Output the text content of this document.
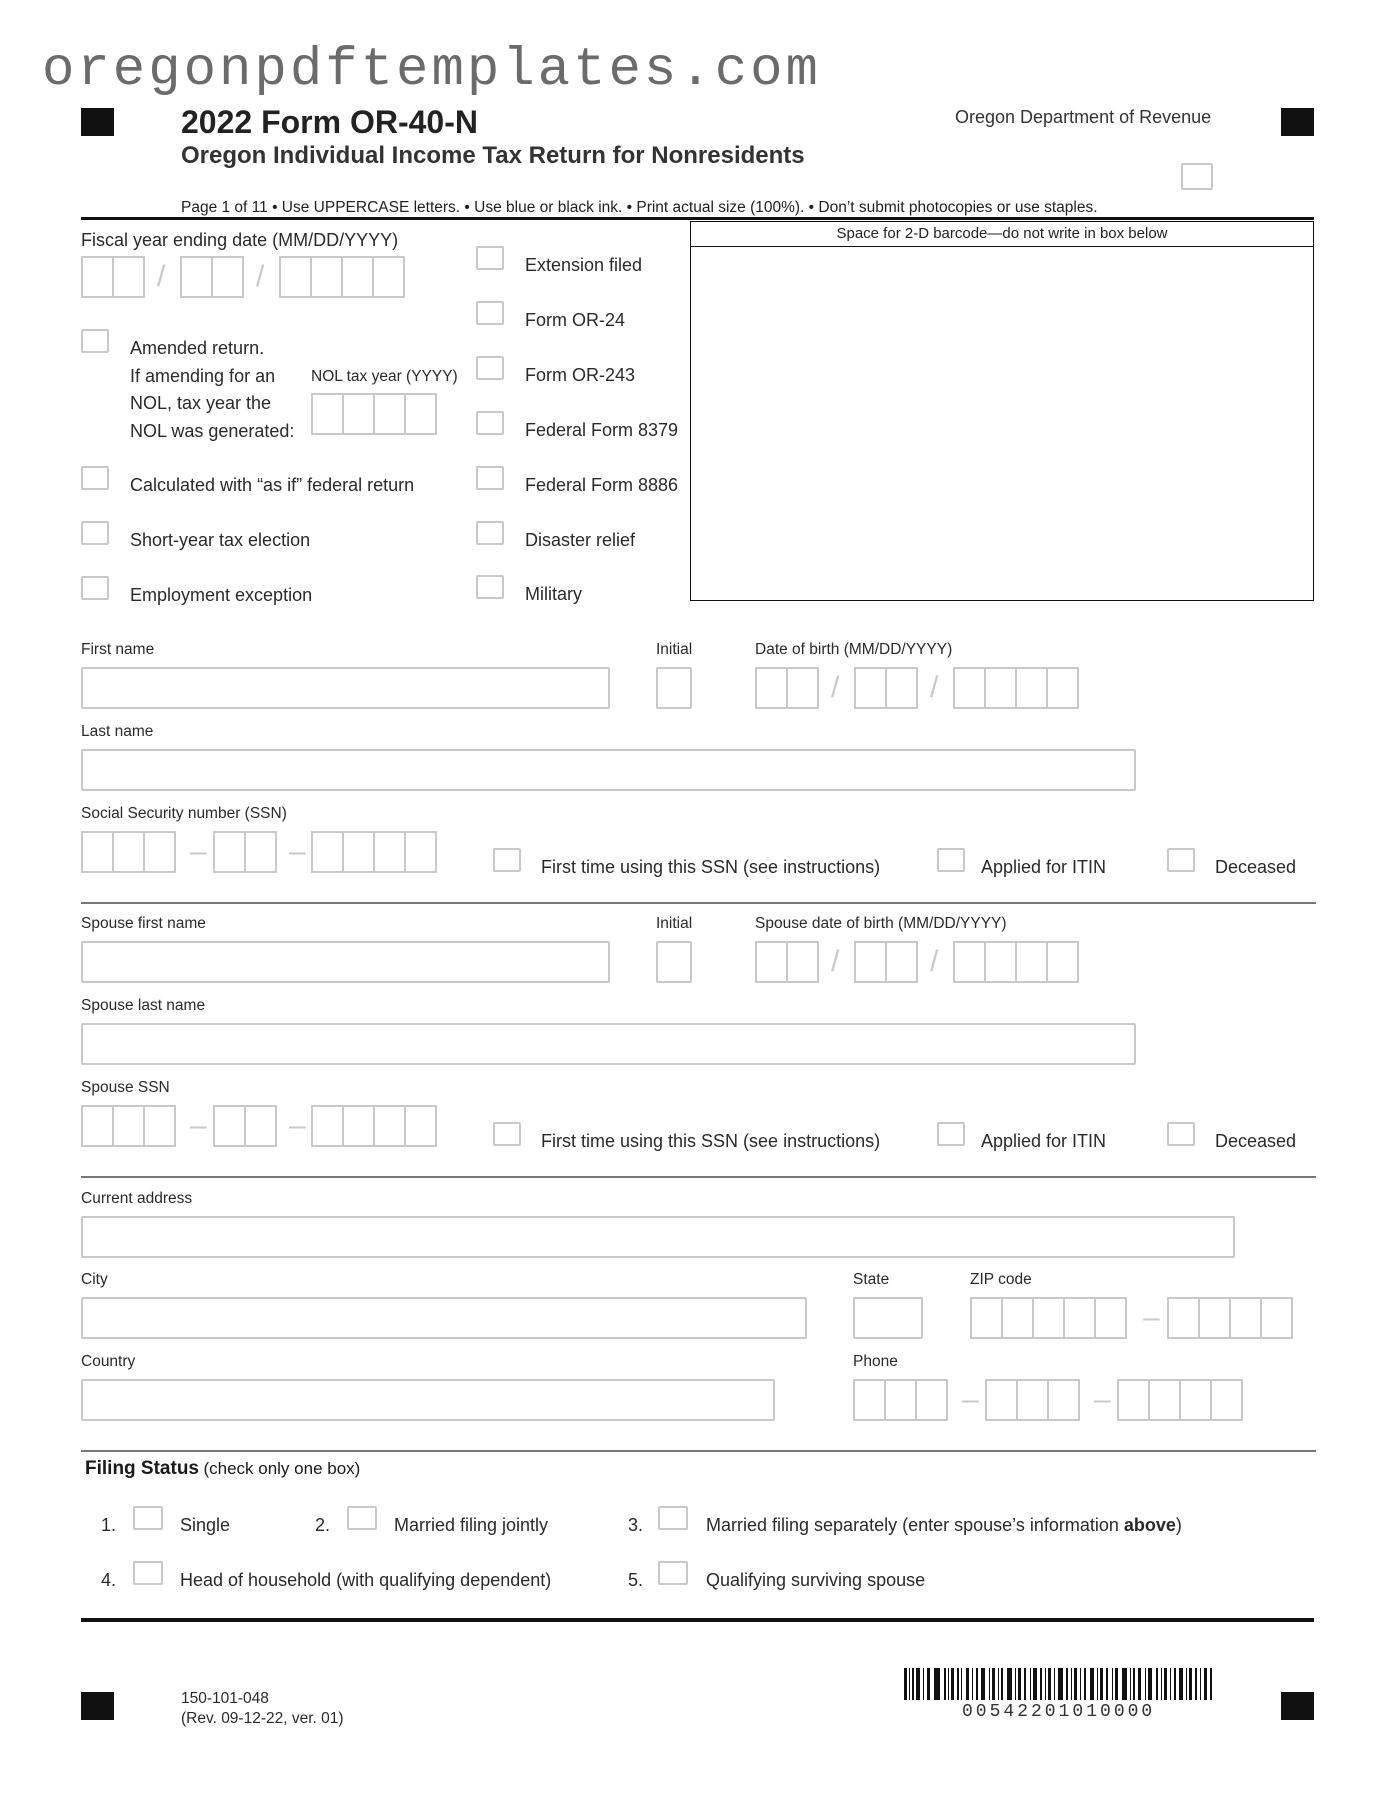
oregonpdftemplates.com
2022 Form OR-40-N
Oregon Individual Income Tax Return for Nonresidents
Oregon Department of Revenue
Page 1 of 11 • Use UPPERCASE letters. • Use blue or black ink. • Print actual size (100%). • Don’t submit photocopies or use staples.
Space for 2-D barcode—do not write in box below
Fiscal year ending date (MM/DD/YYYY)
/	/
Amended return.
If amending for an
NOL, tax year the
NOL was generated:
NOL tax year (YYYY)
Calculated with “as if” federal return
Short-year tax election
Employment exception
Extension filed
Form OR-24
Form OR-243
Federal Form 8379
Federal Form 8886
Disaster relief
Military
First name	Initial	Date of birth (MM/DD/YYYY)
/	/
Last name
Social Security number (SSN)
–	–	First time using this SSN (see instructions)	Applied for ITIN	Deceased
Spouse first name	Initial	Spouse date of birth (MM/DD/YYYY)
/	/
Spouse last name
Spouse SSN
–	–	First time using this SSN (see instructions)	Applied for ITIN	Deceased
Current address
City	State	ZIP code
–
Country	Phone
–	–
Filing Status (check only one box)
1.	Single	2.	Married filing jointly	3.	Married filing separately (enter spouse’s information above)
4.	Head of household (with qualifying dependent)	5.	Qualifying surviving spouse
150-101-048
(Rev. 09-12-22, ver. 01)	00542201010000
